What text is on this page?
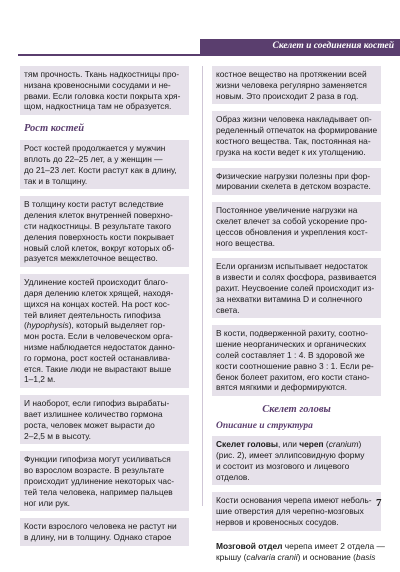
Скелет и соединения костей
тям прочность. Ткань надкостницы про-
низана кровеносными сосудами и не-
рвами. Если головка кости покрыта хря-
щом, надкостница там не образуется.
Рост костей
Рост костей продолжается у мужчин
вплоть до 22–25 лет, а у женщин —
до 21–23 лет. Кости растут как в длину,
так и в толщину.
В толщину кости растут вследствие
деления клеток внутренней поверхно-
сти надкостницы. В результате такого
деления поверхность кости покрывает
новый слой клеток, вокруг которых об-
разуется межклеточное вещество.
Удлинение костей происходит благо-
даря делению клеток хрящей, находя-
щихся на концах костей. На рост кос-
тей влияет деятельность гипофиза
(hypophysis), который выделяет гор-
мон роста. Если в человеческом орга-
низме наблюдается недостаток данно-
го гормона, рост костей останавлива-
ется. Такие люди не вырастают выше
1–1,2 м.
И наоборот, если гипофиз вырабаты-
вает излишнее количество гормона
роста, человек может вырасти до
2–2,5 м в высоту.
Функции гипофиза могут усиливаться
во взрослом возрасте. В результате
происходит удлинение некоторых час-
тей тела человека, например пальцев
ног или рук.
Кости взрослого человека не растут ни
в длину, ни в толщину. Однако старое
костное вещество на протяжении всей
жизни человека регулярно заменяется
новым. Это происходит 2 раза в год.
Образ жизни человека накладывает оп-
ределенный отпечаток на формирование
костного вещества. Так, постоянная на-
грузка на кости ведет к их утолщению.
Физические нагрузки полезны при фор-
мировании скелета в детском возрасте.
Постоянное увеличение нагрузки на
скелет влечет за собой ускорение про-
цессов обновления и укрепления кост-
ного вещества.
Если организм испытывает недостаток
в извести и солях фосфора, развивается
рахит. Неусвоение солей происходит из-
за нехватки витамина D и солнечного
света.
В кости, подверженной рахиту, соотно-
шение неорганических и органических
солей составляет 1 : 4. В здоровой же
кости соотношение равно 3 : 1. Если ре-
бенок болеет рахитом, его кости стано-
вятся мягкими и деформируются.
Скелет головы
Описание и структура
Скелет головы, или череп (cranium)
(рис. 2), имеет эллипсовидную форму
и состоит из мозгового и лицевого
отделов.
Кости основания черепа имеют неболь-
шие отверстия для черепно-мозговых
нервов и кровеносных сосудов.
Мозговой отдел черепа имеет 2 отдела —
крышу (calvaria cranii) и основание (basis
7
